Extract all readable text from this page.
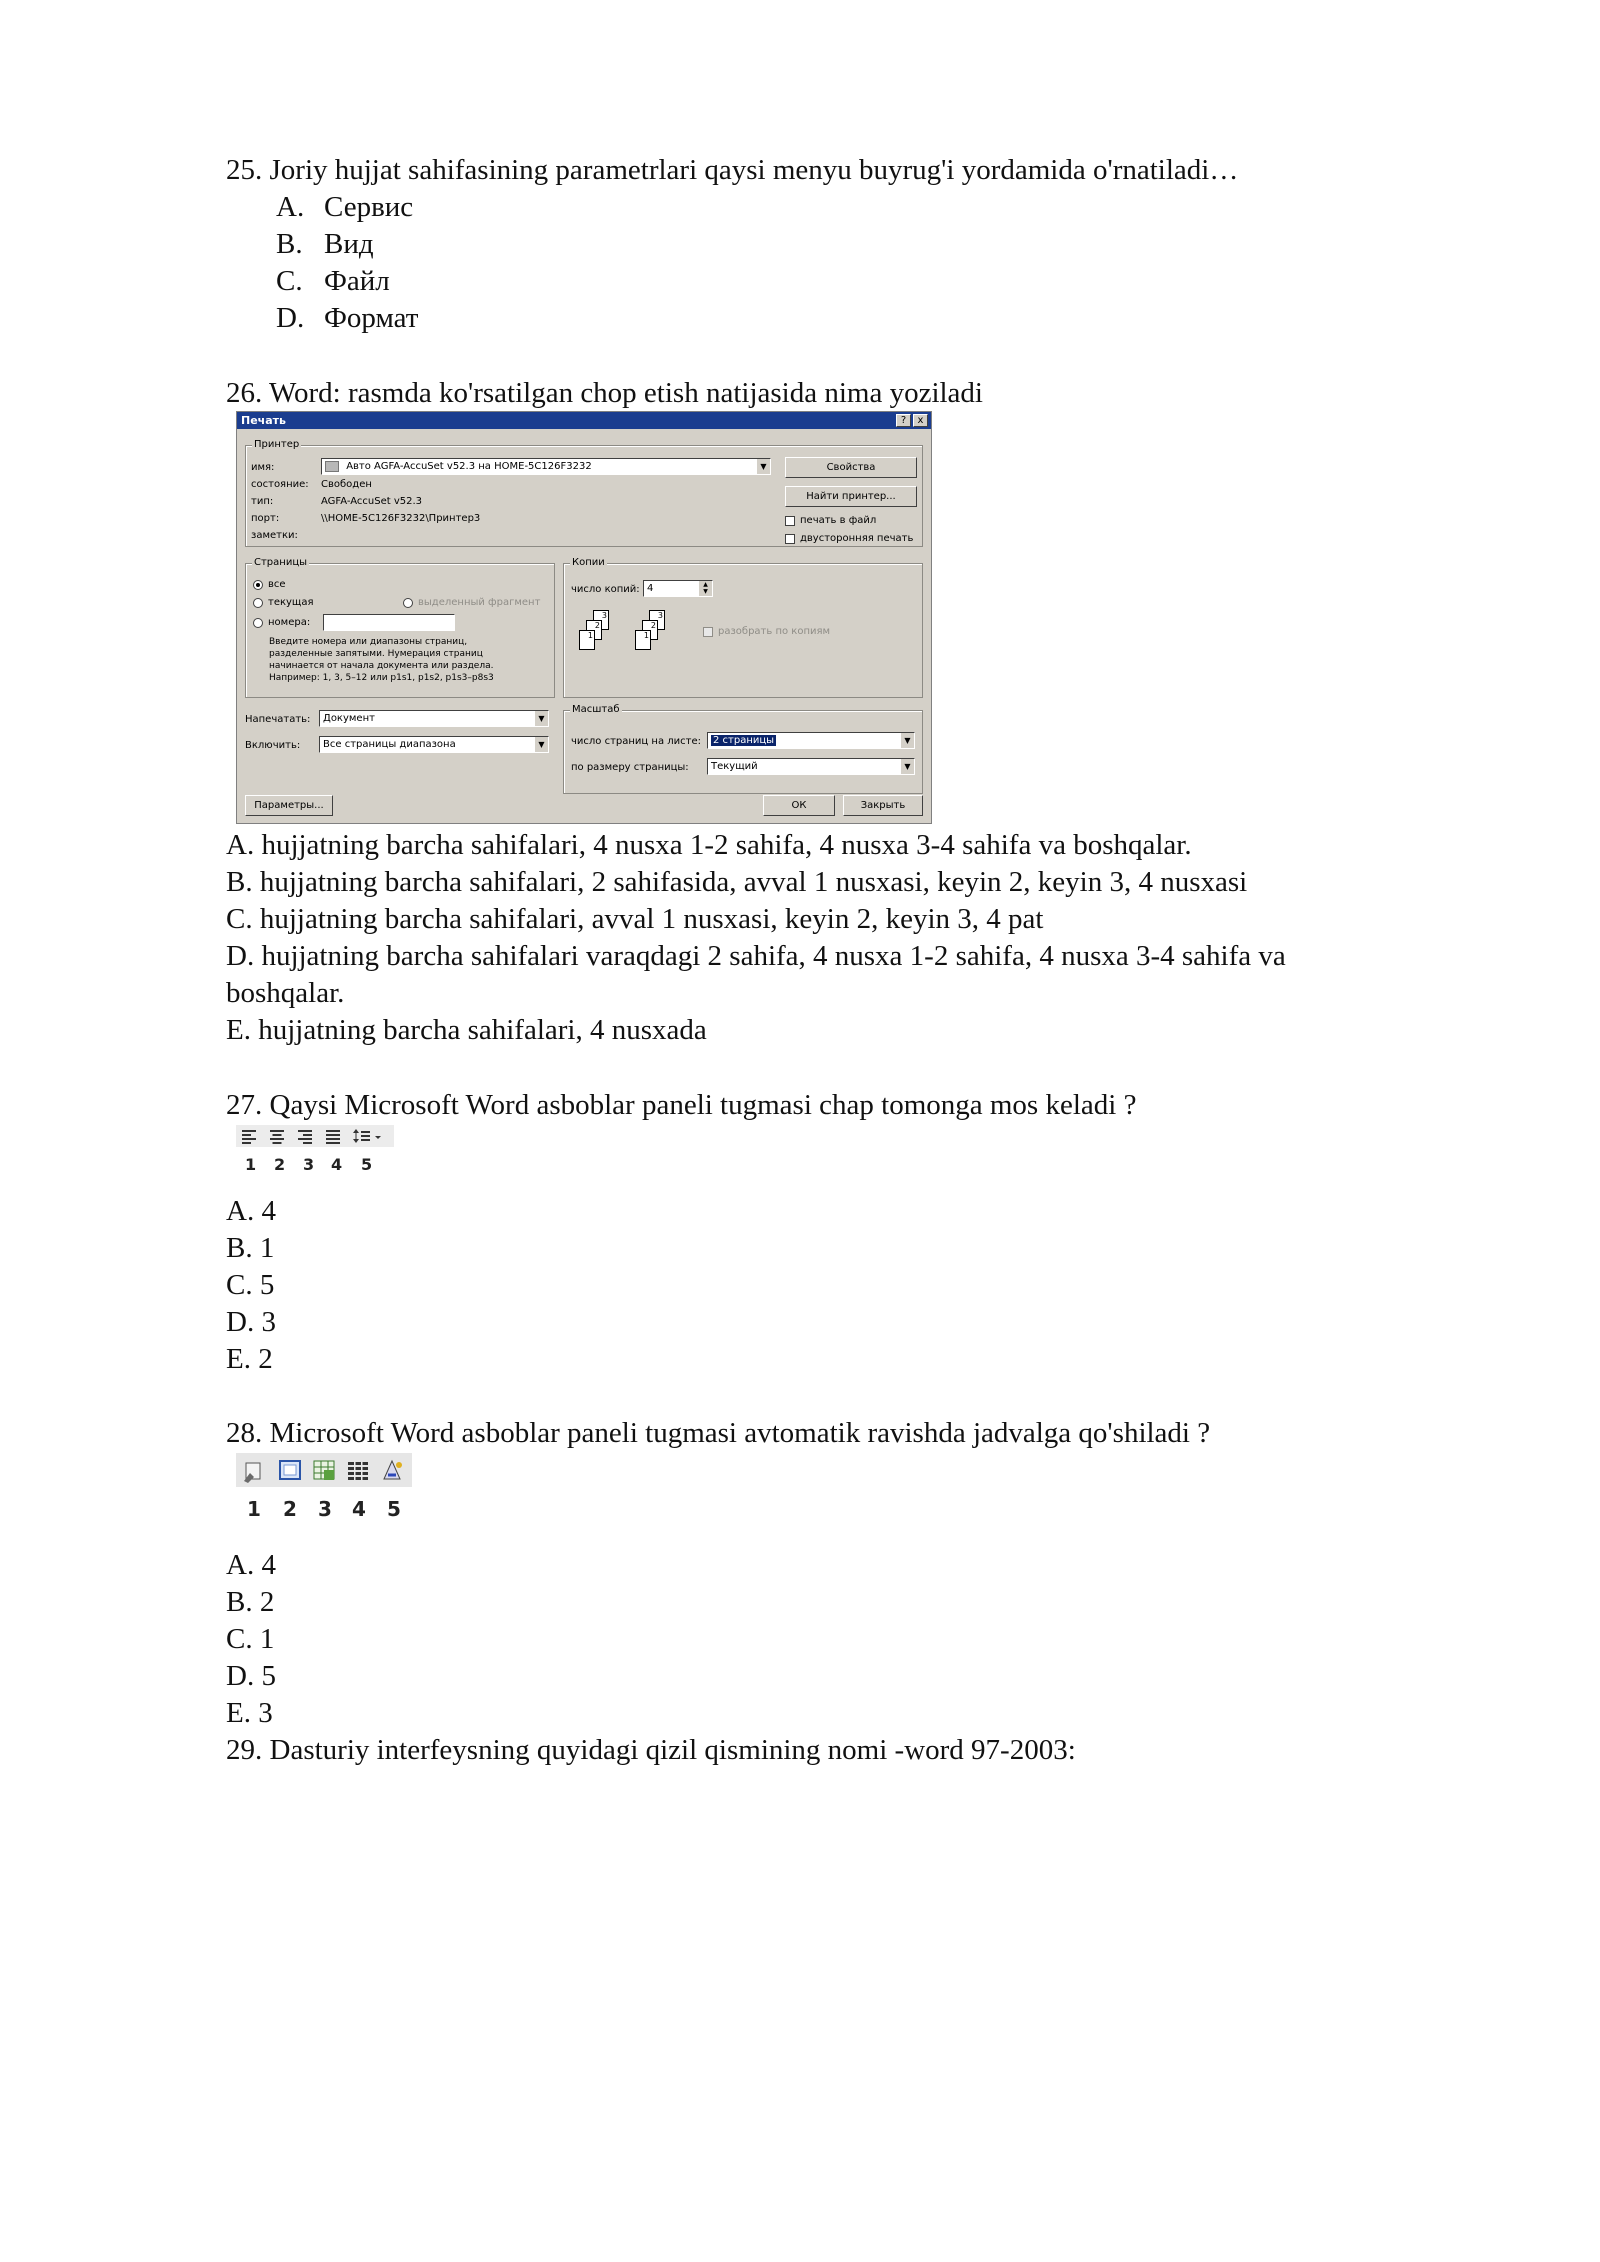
25. Joriy hujjat sahifasining parametrlari qaysi menyu buyrug'i yordamida o'rnatiladi…
A. Сервис
B. Вид
C. Файл
D. Формат
26. Word: rasmda ko'rsatilgan chop etish natijasida nima yoziladi
Печать	?	x
Принтер
имя:	Авто AGFA-AccuSet v52.3 на HOME-5C126F3232	▼	Свойства
состояние: Свободен
тип:	AGFA-AccuSet v52.3
порт:	\\HOME-5C126F3232\Принтер3
заметки:
Найти принтер...
печать в файл
двусторонняя печать
Страницы
все
текущая	выделенный фрагмент
номера:
Введите номера или диапазоны страниц,
разделенные запятыми. Нумерация страниц
начинается от начала документа или раздела.
Например: 1, 3, 5–12 или p1s1, p1s2, p1s3–p8s3
Копии
число копий: 4	▲
▼
3
2
1
3
2
1	разобрать по копиям
Напечатать:	Документ	▼
Включить:	Все страницы диапазона	▼
Масштаб
число страниц на листе:	2 страницы	▼
по размеру страницы:	Текущий	▼
Параметры...	ОК	Закрыть
A. hujjatning barcha sahifalari, 4 nusxa 1-2 sahifa, 4 nusxa 3-4 sahifa va boshqalar.
B. hujjatning barcha sahifalari, 2 sahifasida, avval 1 nusxasi, keyin 2, keyin 3, 4 nusxasi
C. hujjatning barcha sahifalari, avval 1 nusxasi, keyin 2, keyin 3, 4 pat
D. hujjatning barcha sahifalari varaqdagi 2 sahifa, 4 nusxa 1-2 sahifa, 4 nusxa 3-4 sahifa va
boshqalar.
E. hujjatning barcha sahifalari, 4 nusxada
27. Qaysi Microsoft Word asboblar paneli tugmasi chap tomonga mos keladi ?
1 2 3 4 5
A. 4
B. 1
C. 5
D. 3
E. 2
28. Microsoft Word asboblar paneli tugmasi avtomatik ravishda jadvalga qo'shiladi ?
1 2 3 4 5
A. 4
B. 2
C. 1
D. 5
E. 3
29. Dasturiy interfeysning quyidagi qizil qismining nomi -word 97-2003:
